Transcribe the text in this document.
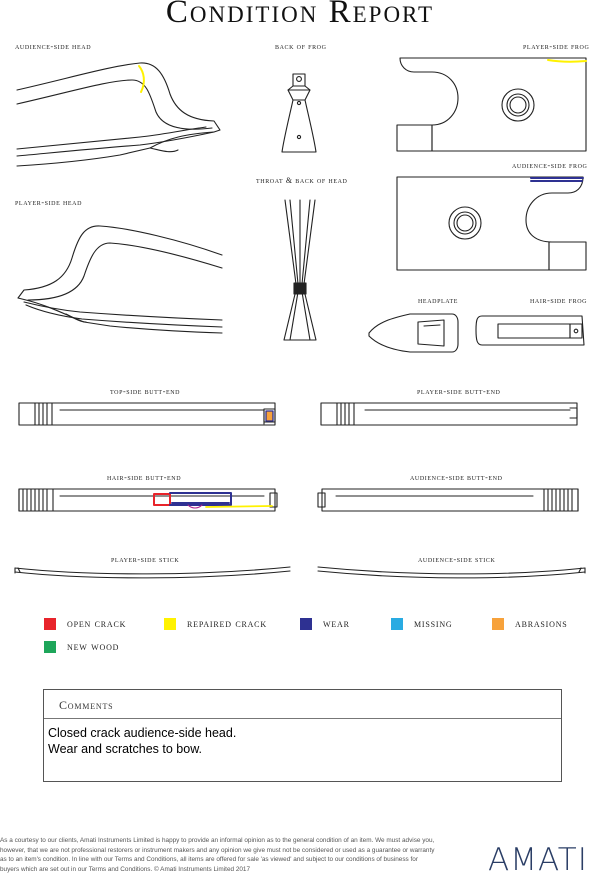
Condition Report
audience-side head	back of frog	player-side frog
audience-side frog
player-side head
throat & back of head
headplate	hair-side frog
top-side butt-end	player-side butt-end
hair-side butt-end	audience-side butt-end
player-side stick	audience-side stick
open crack	repaired crack	wear	missing	abrasions
new wood
Comments
Closed crack audience-side head.
Wear and scratches to bow.
As a courtesy to our clients, Amati Instruments Limited is happy to provide an informal opinion as to the general condition of an item. We must advise you, however, that we are not professional restorers or instrument makers and any opinion we give must not be considered or used as a guarantee or warranty as to an item's condition. In line with our Terms and Conditions, all items are offered for sale 'as viewed' and subject to our conditions of business for buyers which are set out in our Terms and Conditions. © Amati Instruments Limited 2017	AMATI
